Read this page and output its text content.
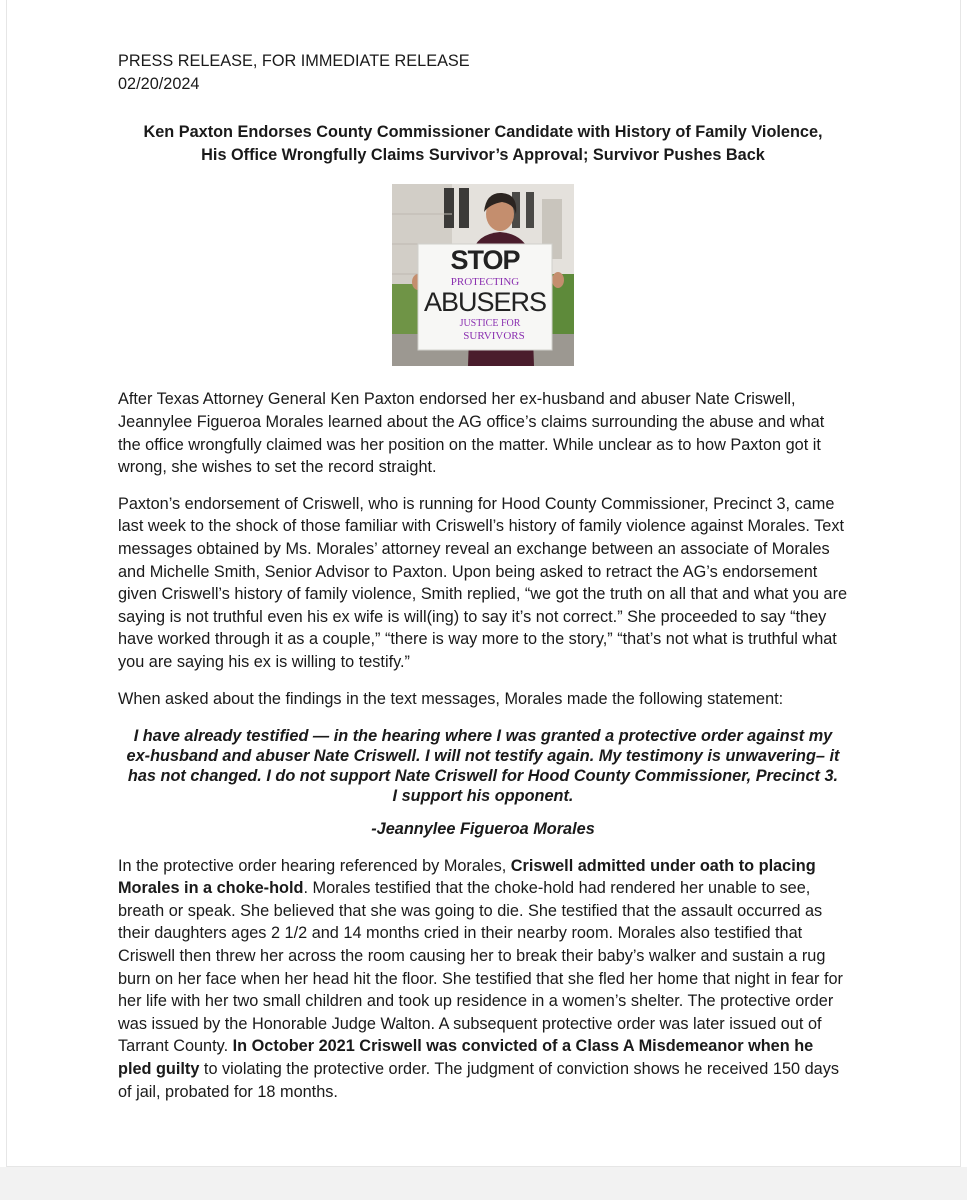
PRESS RELEASE, FOR IMMEDIATE RELEASE
02/20/2024
Ken Paxton Endorses County Commissioner Candidate with History of Family Violence,
His Office Wrongfully Claims Survivor’s Approval; Survivor Pushes Back
STOP
PROTECTING
ABUSERS
JUSTICE FOR
SURVIVORS

After Texas Attorney General Ken Paxton endorsed her ex-husband and abuser Nate Criswell, Jeannylee Figueroa Morales learned about the AG office’s claims surrounding the abuse and what the office wrongfully claimed was her position on the matter. While unclear as to how Paxton got it wrong, she wishes to set the record straight.

Paxton’s endorsement of Criswell, who is running for Hood County Commissioner, Precinct 3, came last week to the shock of those familiar with Criswell’s history of family violence against Morales. Text messages obtained by Ms. Morales’ attorney reveal an exchange between an associate of Morales and Michelle Smith, Senior Advisor to Paxton. Upon being asked to retract the AG’s endorsement given Criswell’s history of family violence, Smith replied, “we got the truth on all that and what you are saying is not truthful even his ex wife is will(ing) to say it’s not correct.” She proceeded to say “they have worked through it as a couple,” “there is way more to the story,” “that’s not what is truthful what you are saying his ex is willing to testify.”

When asked about the findings in the text messages, Morales made the following statement:

I have already testified — in the hearing where I was granted a protective order against my ex-husband and abuser Nate Criswell. I will not testify again. My testimony is unwavering– it has not changed. I do not support Nate Criswell for Hood County Commissioner, Precinct 3. I support his opponent.
-Jeannylee Figueroa Morales

In the protective order hearing referenced by Morales, Criswell admitted under oath to placing Morales in a choke-hold. Morales testified that the choke-hold had rendered her unable to see, breath or speak. She believed that she was going to die. She testified that the assault occurred as their daughters ages 2 1/2 and 14 months cried in their nearby room. Morales also testified that Criswell then threw her across the room causing her to break their baby’s walker and sustain a rug burn on her face when her head hit the floor. She testified that she fled her home that night in fear for her life with her two small children and took up residence in a women’s shelter. The protective order was issued by the Honorable Judge Walton. A subsequent protective order was later issued out of Tarrant County. In October 2021 Criswell was convicted of a Class A Misdemeanor when he pled guilty to violating the protective order. The judgment of conviction shows he received 150 days of jail, probated for 18 months.
